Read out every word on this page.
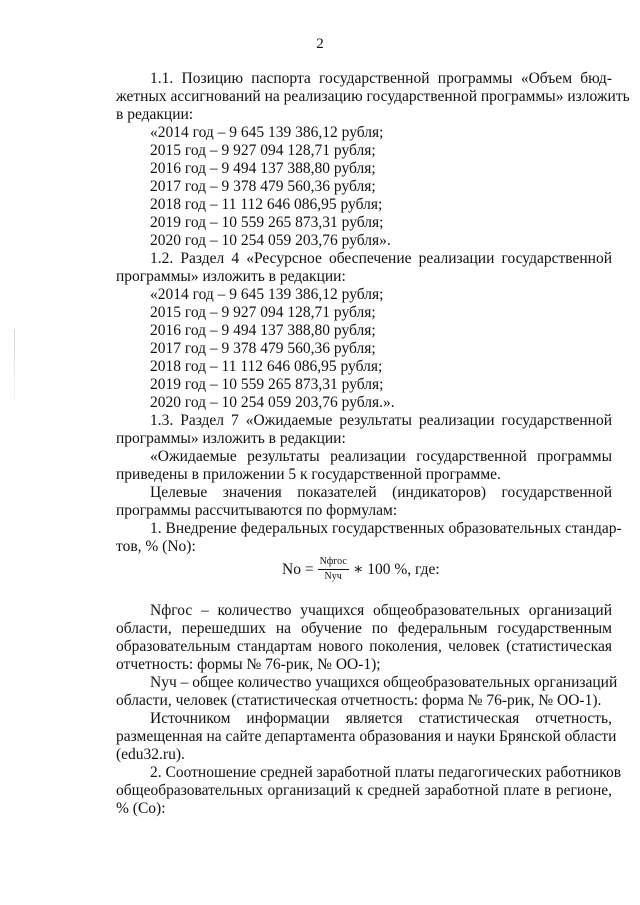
2
1.1. Позицию паспорта государственной программы «Объем бюд-
жетных ассигнований на реализацию государственной программы» изложить
в редакции:
«2014 год – 9 645 139 386,12 рубля;
2015 год – 9 927 094 128,71 рубля;
2016 год – 9 494 137 388,80 рубля;
2017 год – 9 378 479 560,36 рубля;
2018 год – 11 112 646 086,95 рубля;
2019 год – 10 559 265 873,31 рубля;
2020 год – 10 254 059 203,76 рубля».
1.2. Раздел 4 «Ресурсное обеспечение реализации государственной
программы» изложить в редакции:
«2014 год – 9 645 139 386,12 рубля;
2015 год – 9 927 094 128,71 рубля;
2016 год – 9 494 137 388,80 рубля;
2017 год – 9 378 479 560,36 рубля;
2018 год – 11 112 646 086,95 рубля;
2019 год – 10 559 265 873,31 рубля;
2020 год – 10 254 059 203,76 рубля.».
1.3. Раздел 7 «Ожидаемые результаты реализации государственной
программы» изложить в редакции:
«Ожидаемые результаты реализации государственной программы
приведены в приложении 5 к государственной программе.
Целевые значения показателей (индикаторов) государственной
программы рассчитываются по формулам:
1. Внедрение федеральных государственных образовательных стандар-
тов, % (No):
$No = \frac{\text{Nфгос}}{\text{Nуч}}$ ∗ 100 %, где:
Nфгос – количество учащихся общеобразовательных организаций
области, перешедших на обучение по федеральным государственным
образовательным стандартам нового поколения, человек (статистическая
отчетность: формы № 76-рик, № ОО-1);
Nуч – общее количество учащихся общеобразовательных организаций
области, человек (статистическая отчетность: форма № 76-рик, № ОО-1).
Источником информации является статистическая отчетность,
размещенная на сайте департамента образования и науки Брянской области
(edu32.ru).
2. Соотношение средней заработной платы педагогических работников
общеобразовательных организаций к средней заработной плате в регионе,
% (Со):
